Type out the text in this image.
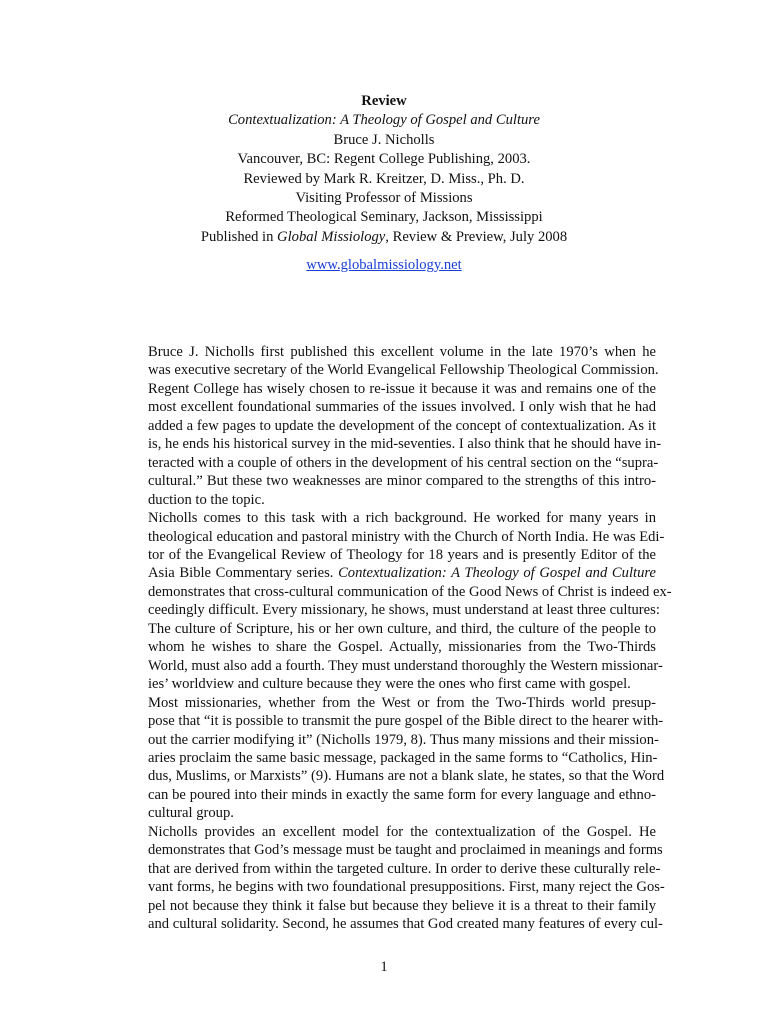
Review
Contextualization: A Theology of Gospel and Culture
Bruce J. Nicholls
Vancouver, BC: Regent College Publishing, 2003.
Reviewed by Mark R. Kreitzer, D. Miss., Ph. D.
Visiting Professor of Missions
Reformed Theological Seminary, Jackson, Mississippi
Published in Global Missiology, Review & Preview, July 2008
www.globalmissiology.net

Bruce J. Nicholls first published this excellent volume in the late 1970’s when he
was executive secretary of the World Evangelical Fellowship Theological Commission.
Regent College has wisely chosen to re-issue it because it was and remains one of the
most excellent foundational summaries of the issues involved. I only wish that he had
added a few pages to update the development of the concept of contextualization. As it
is, he ends his historical survey in the mid-seventies. I also think that he should have in-
teracted with a couple of others in the development of his central section on the “supra-
cultural.” But these two weaknesses are minor compared to the strengths of this intro-
duction to the topic.

Nicholls comes to this task with a rich background. He worked for many years in
theological education and pastoral ministry with the Church of North India. He was Edi-
tor of the Evangelical Review of Theology for 18 years and is presently Editor of the
Asia Bible Commentary series. Contextualization: A Theology of Gospel and Culture
demonstrates that cross-cultural communication of the Good News of Christ is indeed ex-
ceedingly difficult. Every missionary, he shows, must understand at least three cultures:
The culture of Scripture, his or her own culture, and third, the culture of the people to
whom he wishes to share the Gospel. Actually, missionaries from the Two-Thirds
World, must also add a fourth. They must understand thoroughly the Western missionar-
ies’ worldview and culture because they were the ones who first came with gospel.

Most missionaries, whether from the West or from the Two-Thirds world presup-
pose that “it is possible to transmit the pure gospel of the Bible direct to the hearer with-
out the carrier modifying it” (Nicholls 1979, 8). Thus many missions and their mission-
aries proclaim the same basic message, packaged in the same forms to “Catholics, Hin-
dus, Muslims, or Marxists” (9). Humans are not a blank slate, he states, so that the Word
can be poured into their minds in exactly the same form for every language and ethno-
cultural group.

Nicholls provides an excellent model for the contextualization of the Gospel. He
demonstrates that God’s message must be taught and proclaimed in meanings and forms
that are derived from within the targeted culture. In order to derive these culturally rele-
vant forms, he begins with two foundational presuppositions. First, many reject the Gos-
pel not because they think it false but because they believe it is a threat to their family
and cultural solidarity. Second, he assumes that God created many features of every cul-

1
